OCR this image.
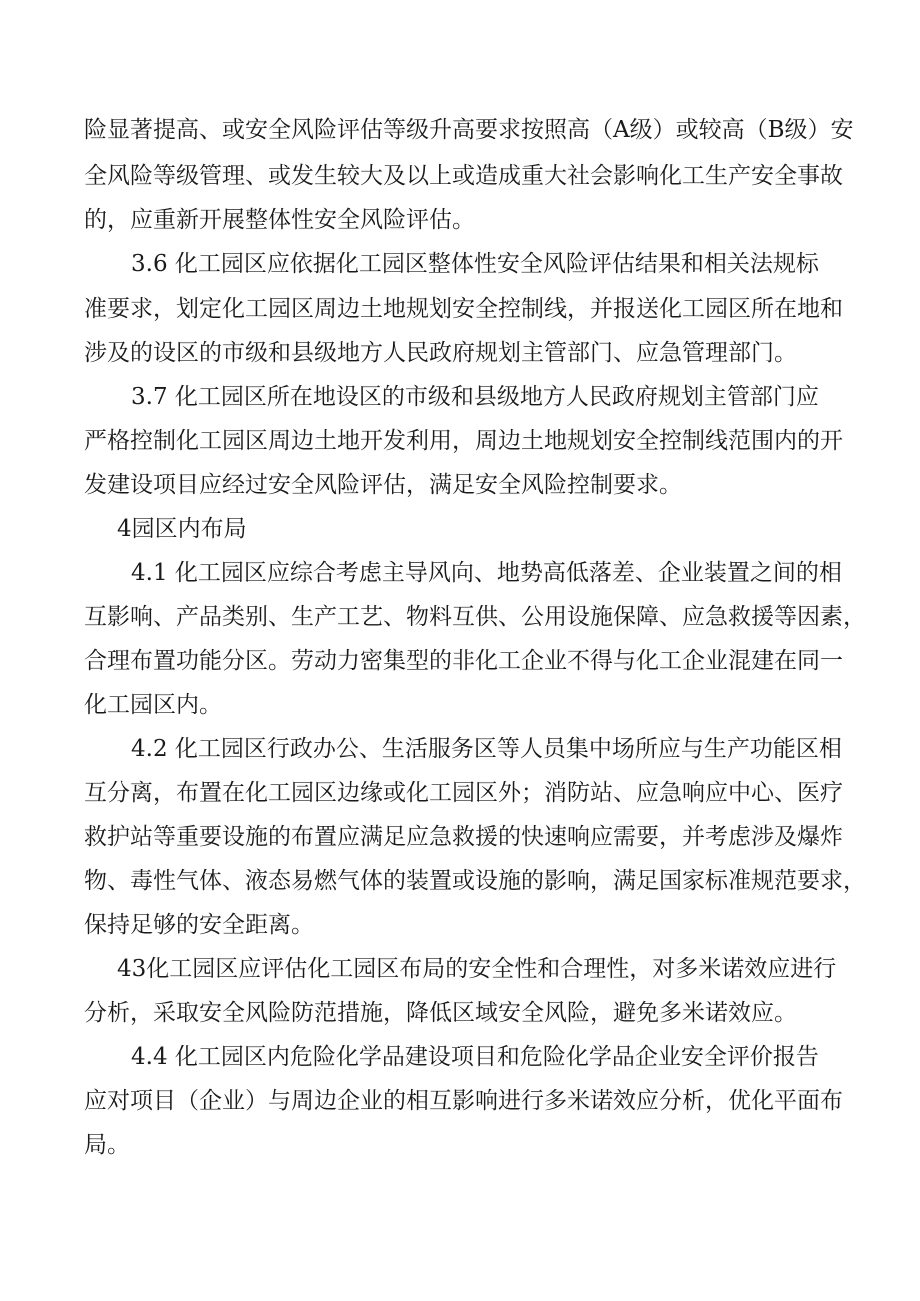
险显著提高、或安全风险评估等级升高要求按照高（A级）或较高（B级）安
全风险等级管理、或发生较大及以上或造成重大社会影响化工生产安全事故
的，应重新开展整体性安全风险评估。
3.6 化工园区应依据化工园区整体性安全风险评估结果和相关法规标
准要求，划定化工园区周边土地规划安全控制线，并报送化工园区所在地和
涉及的设区的市级和县级地方人民政府规划主管部门、应急管理部门。
3.7 化工园区所在地设区的市级和县级地方人民政府规划主管部门应
严格控制化工园区周边土地开发利用，周边土地规划安全控制线范围内的开
发建设项目应经过安全风险评估，满足安全风险控制要求。
4园区内布局
4.1 化工园区应综合考虑主导风向、地势高低落差、企业装置之间的相
互影响、产品类别、生产工艺、物料互供、公用设施保障、应急救援等因素，
合理布置功能分区。劳动力密集型的非化工企业不得与化工企业混建在同一
化工园区内。
4.2 化工园区行政办公、生活服务区等人员集中场所应与生产功能区相
互分离，布置在化工园区边缘或化工园区外；消防站、应急响应中心、医疗
救护站等重要设施的布置应满足应急救援的快速响应需要，并考虑涉及爆炸
物、毒性气体、液态易燃气体的装置或设施的影响，满足国家标准规范要求，
保持足够的安全距离。
43化工园区应评估化工园区布局的安全性和合理性，对多米诺效应进行
分析，采取安全风险防范措施，降低区域安全风险，避免多米诺效应。
4.4 化工园区内危险化学品建设项目和危险化学品企业安全评价报告
应对项目（企业）与周边企业的相互影响进行多米诺效应分析，优化平面布
局。
